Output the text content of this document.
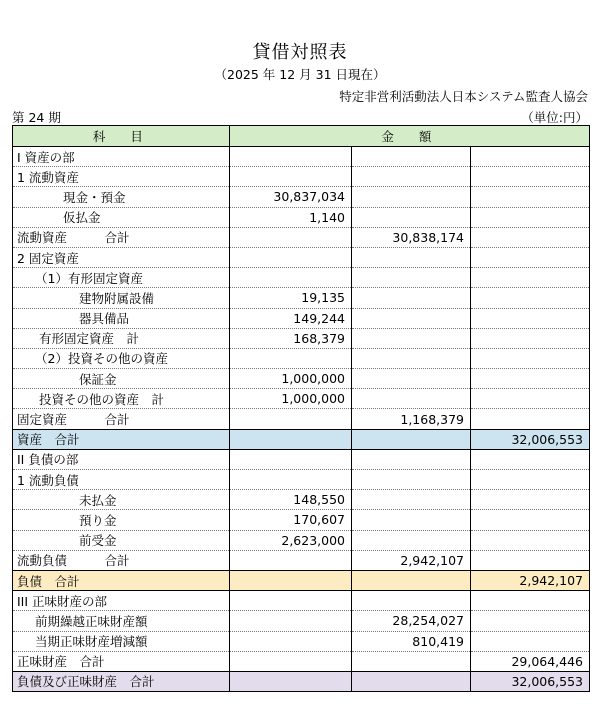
貸借対照表
（2025 年 12 月 31 日現在）
特定非営利活動法人日本システム監査人協会
第 24 期	（単位:円）
科　目	金　額		
I 資産の部			
1 流動資産			
現金・預金	30,837,034		
仮払金	1,140		
流動資産　　　合計		30,838,174	
2 固定資産			
（1）有形固定資産			
建物附属設備	19,135		
器具備品	149,244		
有形固定資産　計	168,379		
（2）投資その他の資産			
保証金	1,000,000		
投資その他の資産　計	1,000,000		
固定資産　　　合計		1,168,379	
資産　合計			32,006,553
II 負債の部			
1 流動負債			
未払金	148,550		
預り金	170,607		
前受金	2,623,000		
流動負債　　　合計		2,942,107	
負債　合計			2,942,107
III 正味財産の部			
前期繰越正味財産額		28,254,027	
当期正味財産増減額		810,419	
正味財産　合計			29,064,446
負債及び正味財産　合計			32,006,553
